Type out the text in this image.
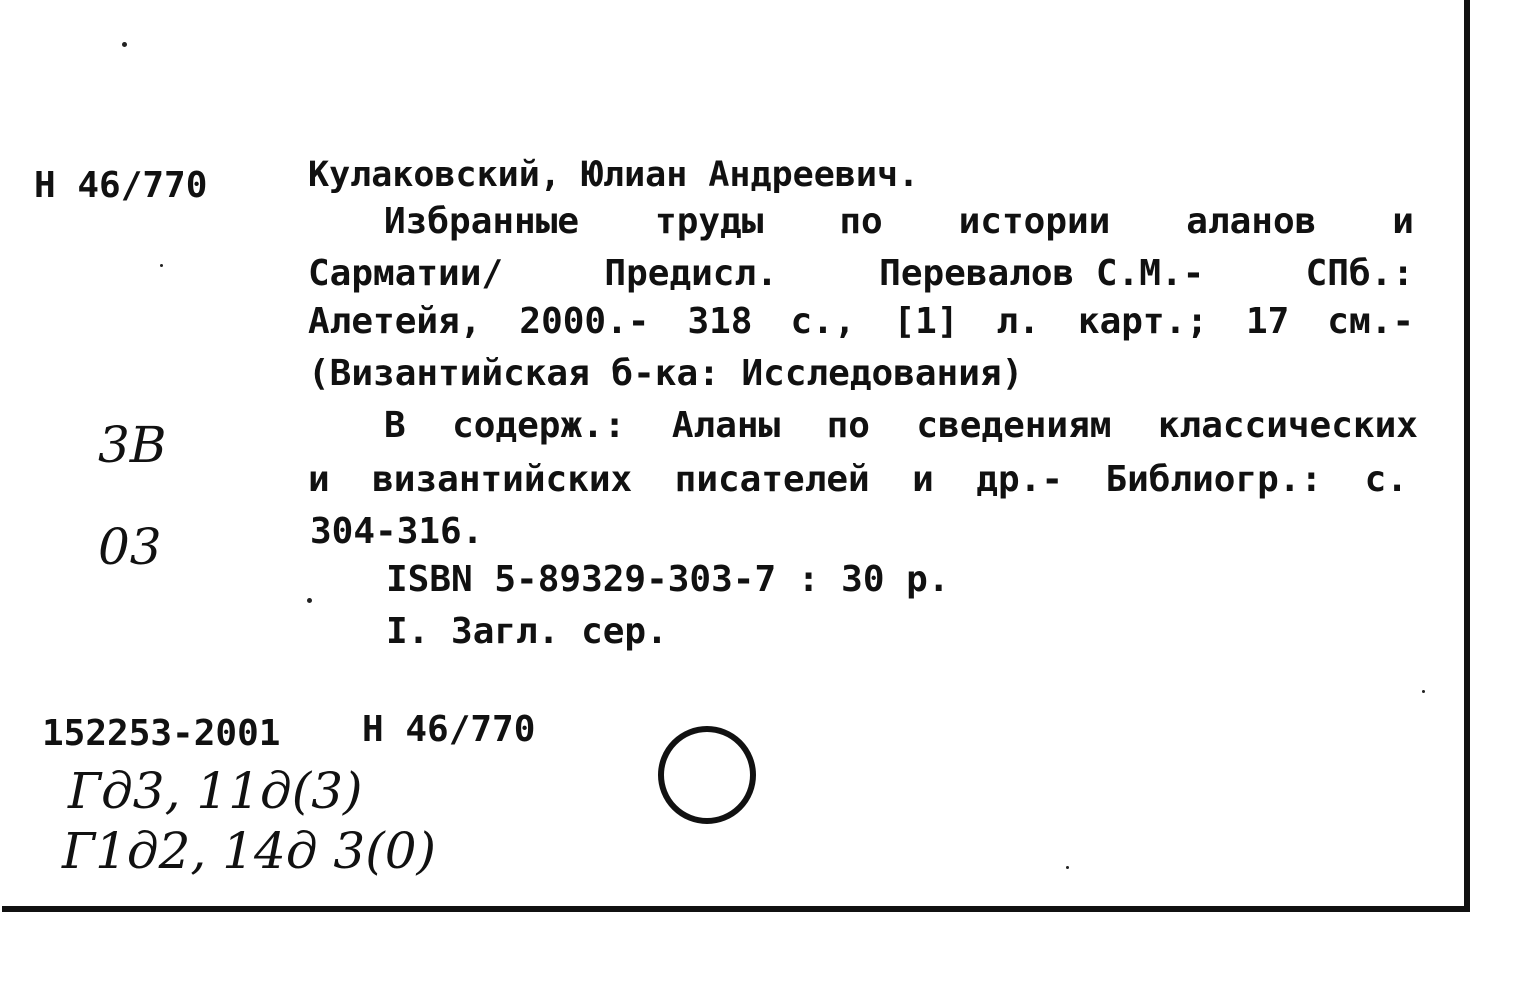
Н 46/770	Кулаковский, Юлиан Андреевич.
Избранные труды по истории аланов и
Сарматии/	Предисл.	Перевалов С.М.-	СПб.:
Алетейя, 2000.- 318 с., [1] л. карт.; 17 см.-
(Византийская б-ка: Исследования)
В содерж.: Аланы по сведениям классических
и византийских писателей и др.- Библиогр.: с.
304-316.
ISBN 5-89329-303-7 : 30 р.
I. Загл. сер.
152253-2001 Н 46/770
3В
03
Гд3, 11д(3)
Г1д2, 14д 3(0)
